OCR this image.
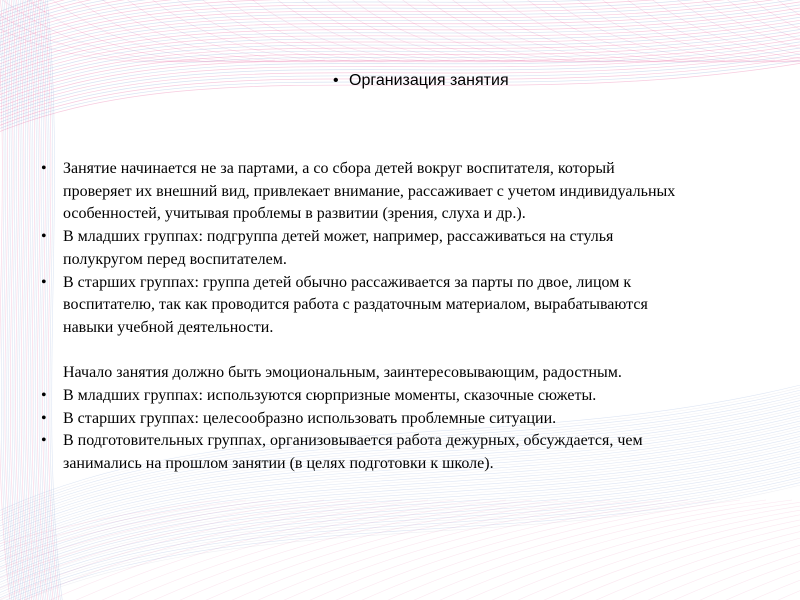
• Организация занятия
• Занятие начинается не за партами, а со сбора детей вокруг воспитателя, который
проверяет их внешний вид, привлекает внимание, рассаживает с учетом индивидуальных
особенностей, учитывая проблемы в развитии (зрения, слуха и др.).
• В младших группах: подгруппа детей может, например, рассаживаться на стулья
полукругом перед воспитателем.
• В старших группах: группа детей обычно рассаживается за парты по двое, лицом к
воспитателю, так как проводится работа с раздаточным материалом, вырабатываются
навыки учебной деятельности.
Начало занятия должно быть эмоциональным, заинтересовывающим, радостным.
• В младших группах: используются сюрпризные моменты, сказочные сюжеты.
• В старших группах: целесообразно использовать проблемные ситуации.
• В подготовительных группах, организовывается работа дежурных, обсуждается, чем
занимались на прошлом занятии (в целях подготовки к школе).
